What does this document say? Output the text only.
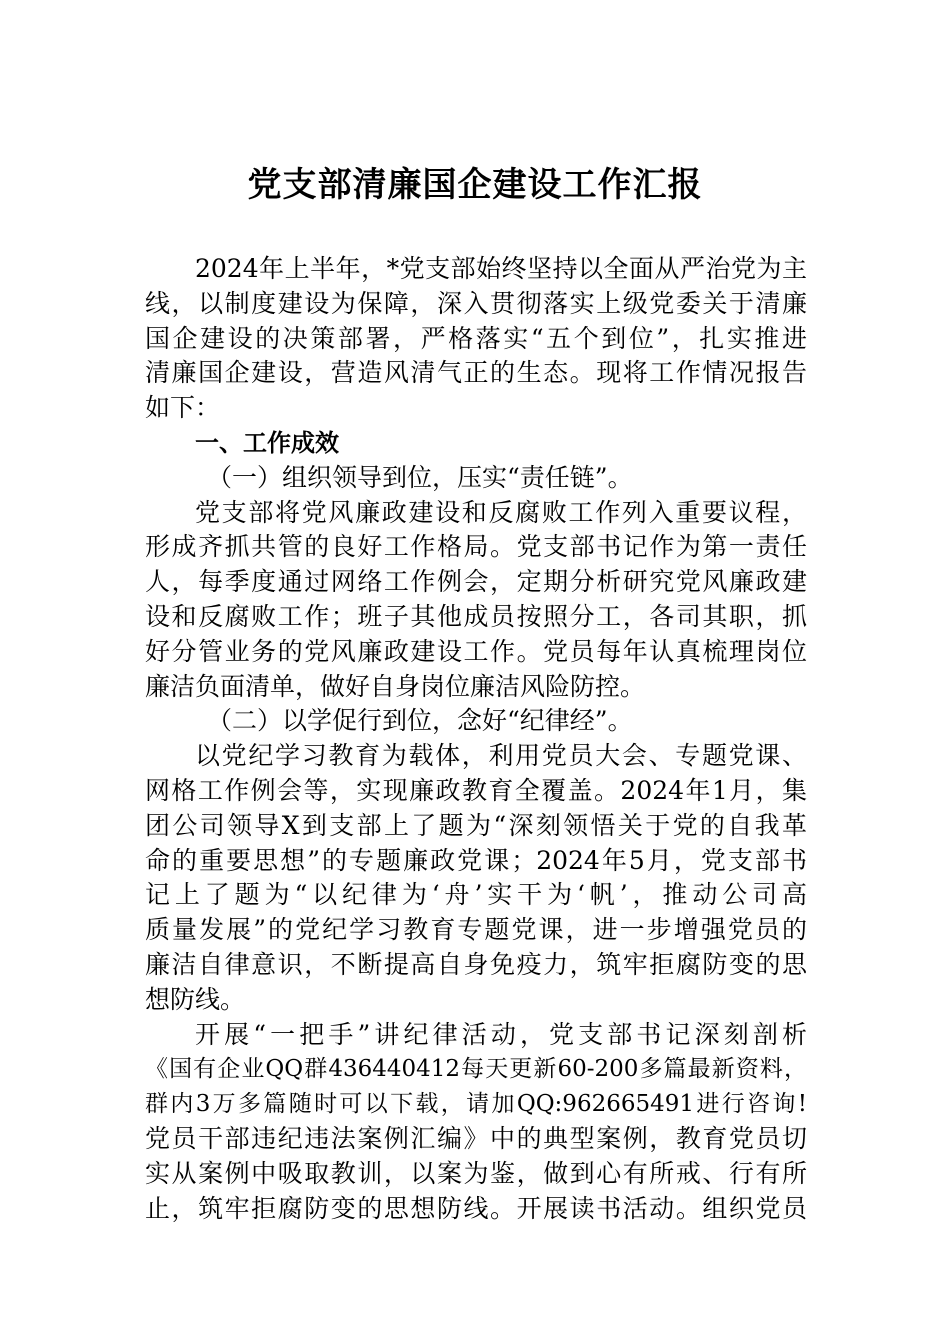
党支部清廉国企建设工作汇报
2024年上半年，*党支部始终坚持以全面从严治党为主
线，以制度建设为保障，深入贯彻落实上级党委关于清廉
国企建设的决策部署，严格落实“五个到位”，扎实推进
清廉国企建设，营造风清气正的生态。现将工作情况报告
如下：
一、工作成效
（一）组织领导到位，压实“责任链”。
党支部将党风廉政建设和反腐败工作列入重要议程，
形成齐抓共管的良好工作格局。党支部书记作为第一责任
人，每季度通过网络工作例会，定期分析研究党风廉政建
设和反腐败工作；班子其他成员按照分工，各司其职，抓
好分管业务的党风廉政建设工作。党员每年认真梳理岗位
廉洁负面清单，做好自身岗位廉洁风险防控。
（二）以学促行到位，念好“纪律经”。
以党纪学习教育为载体，利用党员大会、专题党课、
网格工作例会等，实现廉政教育全覆盖。2024年1月，集
团公司领导X到支部上了题为“深刻领悟关于党的自我革
命的重要思想”的专题廉政党课；2024年5月，党支部书
记上了题为“以纪律为‘舟’实干为‘帆’，推动公司高
质量发展”的党纪学习教育专题党课，进一步增强党员的
廉洁自律意识，不断提高自身免疫力，筑牢拒腐防变的思
想防线。
开展“一把手”讲纪律活动，党支部书记深刻剖析
《国有企业QQ群436440412每天更新60-200多篇最新资料，
群内3万多篇随时可以下载，请加QQ:962665491进行咨询!
党员干部违纪违法案例汇编》中的典型案例，教育党员切
实从案例中吸取教训，以案为鉴，做到心有所戒、行有所
止，筑牢拒腐防变的思想防线。开展读书活动。组织党员
